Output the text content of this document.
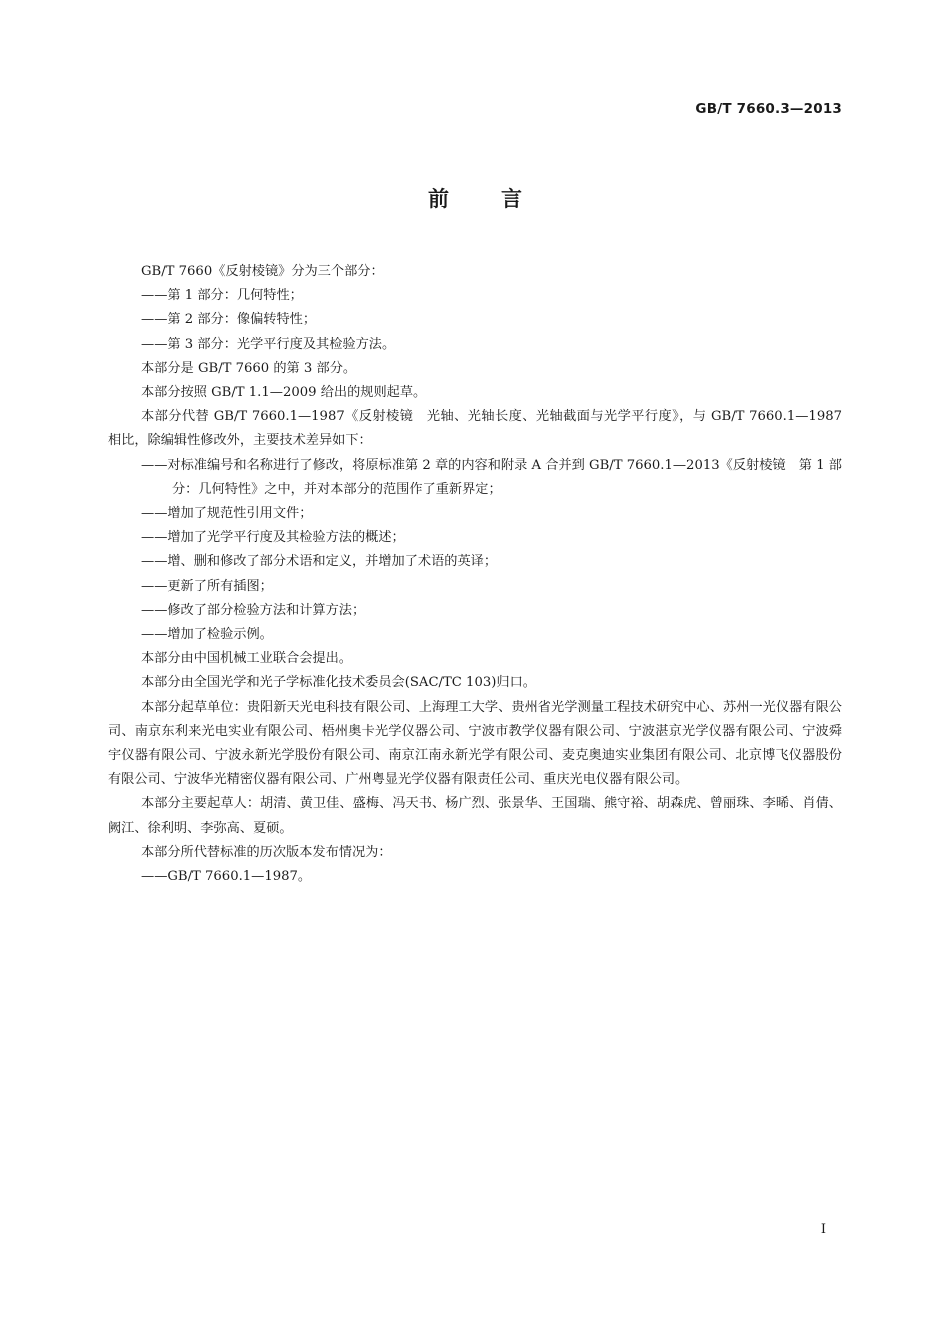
GB/T 7660.3—2013
前 言

GB/T 7660《反射棱镜》分为三个部分：

——第 1 部分：几何特性；

——第 2 部分：像偏转特性；

——第 3 部分：光学平行度及其检验方法。

本部分是 GB/T 7660 的第 3 部分。

本部分按照 GB/T 1.1—2009 给出的规则起草。

本部分代替 GB/T 7660.1—1987《反射棱镜　光轴、光轴长度、光轴截面与光学平行度》，与 GB/T 7660.1—1987 相比，除编辑性修改外，主要技术差异如下：

——对标准编号和名称进行了修改，将原标准第 2 章的内容和附录 A 合并到 GB/T 7660.1—2013《反射棱镜　第 1 部分：几何特性》之中，并对本部分的范围作了重新界定；

——增加了规范性引用文件；

——增加了光学平行度及其检验方法的概述；

——增、删和修改了部分术语和定义，并增加了术语的英译；

——更新了所有插图；

——修改了部分检验方法和计算方法；

——增加了检验示例。

本部分由中国机械工业联合会提出。

本部分由全国光学和光子学标准化技术委员会(SAC/TC 103)归口。

本部分起草单位：贵阳新天光电科技有限公司、上海理工大学、贵州省光学测量工程技术研究中心、苏州一光仪器有限公司、南京东利来光电实业有限公司、梧州奥卡光学仪器公司、宁波市教学仪器有限公司、宁波湛京光学仪器有限公司、宁波舜宇仪器有限公司、宁波永新光学股份有限公司、南京江南永新光学有限公司、麦克奥迪实业集团有限公司、北京博飞仪器股份有限公司、宁波华光精密仪器有限公司、广州粤显光学仪器有限责任公司、重庆光电仪器有限公司。

本部分主要起草人：胡清、黄卫佳、盛梅、冯天书、杨广烈、张景华、王国瑞、熊守裕、胡森虎、曾丽珠、李晞、肖倩、阙江、徐利明、李弥高、夏硕。

本部分所代替标准的历次版本发布情况为：

——GB/T 7660.1—1987。

I
